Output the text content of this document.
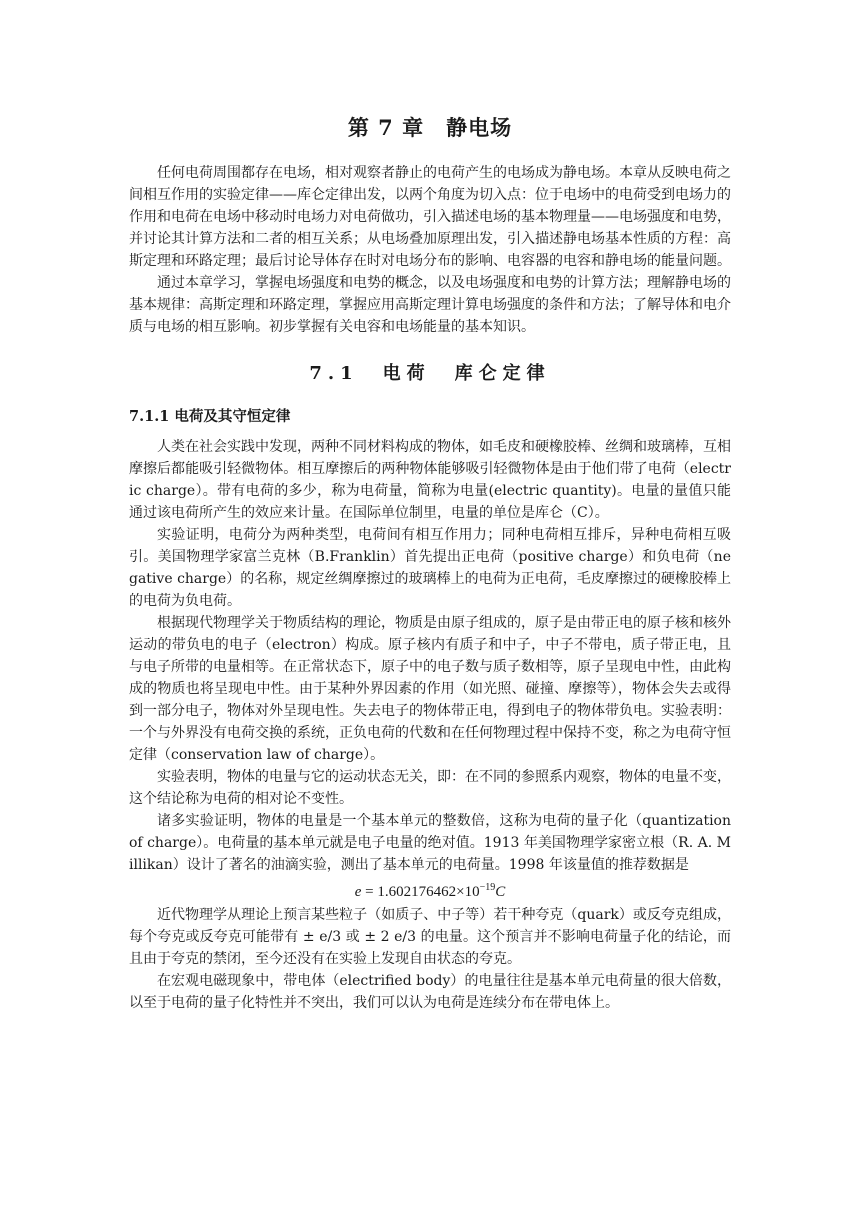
第 7 章　静电场

任何电荷周围都存在电场，相对观察者静止的电荷产生的电场成为静电场。本章从反映电荷之间相互作用的实验定律——库仑定律出发，以两个角度为切入点：位于电场中的电荷受到电场力的作用和电荷在电场中移动时电场力对电荷做功，引入描述电场的基本物理量——电场强度和电势，并讨论其计算方法和二者的相互关系；从电场叠加原理出发，引入描述静电场基本性质的方程：高斯定理和环路定理；最后讨论导体存在时对电场分布的影响、电容器的电容和静电场的能量问题。

通过本章学习，掌握电场强度和电势的概念，以及电场强度和电势的计算方法；理解静电场的基本规律：高斯定理和环路定理，掌握应用高斯定理计算电场强度的条件和方法；了解导体和电介质与电场的相互影响。初步掌握有关电容和电场能量的基本知识。

7.1　电荷　库仑定律
7.1.1 电荷及其守恒定律

人类在社会实践中发现，两种不同材料构成的物体，如毛皮和硬橡胶棒、丝绸和玻璃棒，互相摩擦后都能吸引轻微物体。相互摩擦后的两种物体能够吸引轻微物体是由于他们带了电荷（electric charge）。带有电荷的多少，称为电荷量，简称为电量(electric quantity)。电量的量值只能通过该电荷所产生的效应来计量。在国际单位制里，电量的单位是库仑（C）。

实验证明，电荷分为两种类型，电荷间有相互作用力；同种电荷相互排斥，异种电荷相互吸引。美国物理学家富兰克林（B.Franklin）首先提出正电荷（positive charge）和负电荷（negative charge）的名称，规定丝绸摩擦过的玻璃棒上的电荷为正电荷，毛皮摩擦过的硬橡胶棒上的电荷为负电荷。

根据现代物理学关于物质结构的理论，物质是由原子组成的，原子是由带正电的原子核和核外运动的带负电的电子（electron）构成。原子核内有质子和中子，中子不带电，质子带正电，且与电子所带的电量相等。在正常状态下，原子中的电子数与质子数相等，原子呈现电中性，由此构成的物质也将呈现电中性。由于某种外界因素的作用（如光照、碰撞、摩擦等），物体会失去或得到一部分电子，物体对外呈现电性。失去电子的物体带正电，得到电子的物体带负电。实验表明：一个与外界没有电荷交换的系统，正负电荷的代数和在任何物理过程中保持不变，称之为电荷守恒定律（conservation law of charge）。

实验表明，物体的电量与它的运动状态无关，即：在不同的参照系内观察，物体的电量不变，这个结论称为电荷的相对论不变性。

诸多实验证明，物体的电量是一个基本单元的整数倍，这称为电荷的量子化（quantization of charge）。电荷量的基本单元就是电子电量的绝对值。1913 年美国物理学家密立根（R. A. Millikan）设计了著名的油滴实验，测出了基本单元的电荷量。1998 年该量值的推荐数据是

$e = 1.602176462\times 10^{-19}C$

近代物理学从理论上预言某些粒子（如质子、中子等）若干种夸克（quark）或反夸克组成，每个夸克或反夸克可能带有 ± e/3 或 ± 2 e/3 的电量。这个预言并不影响电荷量子化的结论，而且由于夸克的禁闭，至今还没有在实验上发现自由状态的夸克。

在宏观电磁现象中，带电体（electrified body）的电量往往是基本单元电荷量的很大倍数，以至于电荷的量子化特性并不突出，我们可以认为电荷是连续分布在带电体上。
